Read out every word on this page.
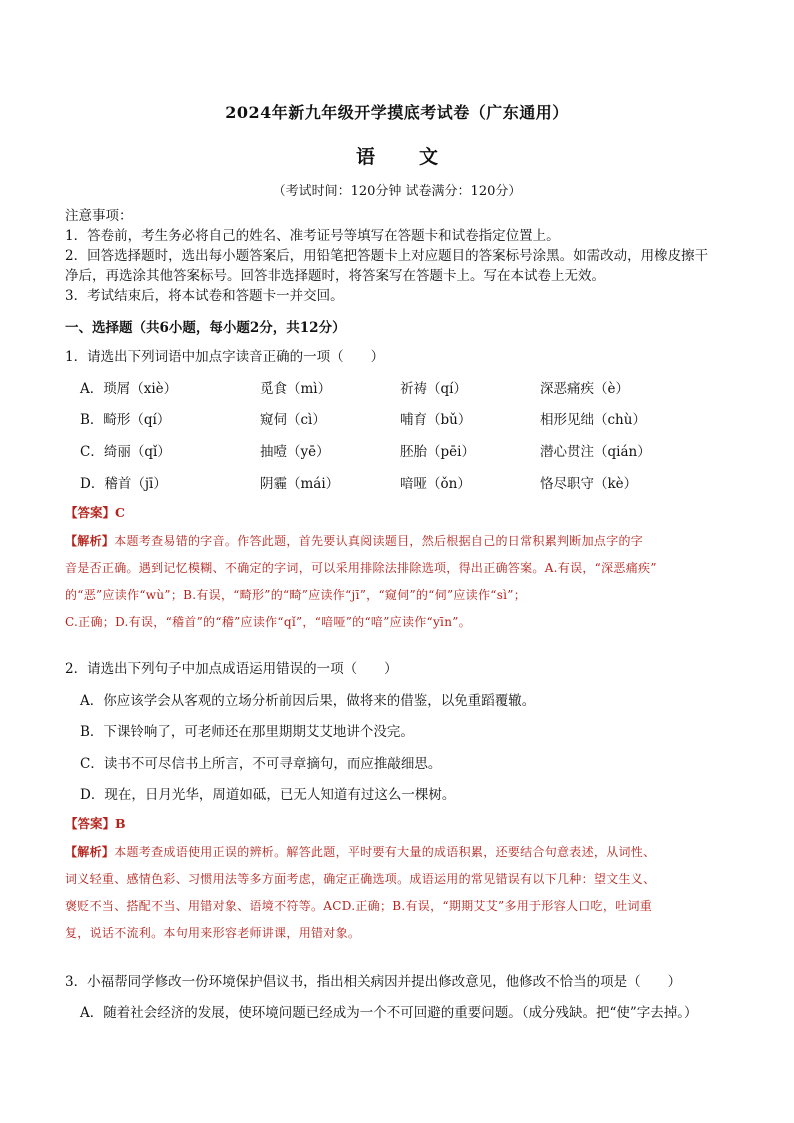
2024年新九年级开学摸底考试卷（广东通用）
语 文
（考试时间：120分钟 试卷满分：120分）

注意事项：

1．答卷前，考生务必将自己的姓名、准考证号等填写在答题卡和试卷指定位置上。

2．回答选择题时，选出每小题答案后，用铅笔把答题卡上对应题目的答案标号涂黑。如需改动，用橡皮擦干

净后，再选涂其他答案标号。回答非选择题时，将答案写在答题卡上。写在本试卷上无效。

3．考试结束后，将本试卷和答题卡一并交回。

一、选择题（共6小题，每小题2分，共12分）
1．请选出下列词语中加点字读音正确的一项（　　）
A．琐屑（xiè）	觅食（mì）	祈祷（qí）	深恶痛疾（è）
B．畸形（qí）	窥伺（cì）	哺育（bǔ）	相形见绌（chù）
C．绮丽（qǐ）	抽噎（yē）	胚胎（pēi）	潜心贯注（qián）
D．稽首（jī）	阴霾（mái）	喑哑（ǒn）	恪尽职守（kè）
【答案】C
【解析】本题考查易错的字音。作答此题，首先要认真阅读题目，然后根据自己的日常积累判断加点字的字
音是否正确。遇到记忆模糊、不确定的字词，可以采用排除法排除选项，得出正确答案。A.有误，“深恶痛疾”
的“恶”应读作“wù”；B.有误，“畸形”的“畸”应读作“jī”，“窥伺”的“伺”应读作“sì”；
C.正确；D.有误，“稽首”的“稽”应读作“qǐ”，“喑哑”的“喑”应读作“yīn”。
2．请选出下列句子中加点成语运用错误的一项（　　）
A．你应该学会从客观的立场分析前因后果，做将来的借鉴，以免重蹈覆辙。
B．下课铃响了，可老师还在那里期期艾艾地讲个没完。
C．读书不可尽信书上所言，不可寻章摘句，而应推敲细思。
D．现在，日月光华，周道如砥，已无人知道有过这么一棵树。
【答案】B
【解析】本题考查成语使用正误的辨析。解答此题，平时要有大量的成语积累，还要结合句意表述，从词性、
词义轻重、感情色彩、习惯用法等多方面考虑，确定正确选项。成语运用的常见错误有以下几种：望文生义、
褒贬不当、搭配不当、用错对象、语境不符等。ACD.正确；B.有误，“期期艾艾”多用于形容人口吃，吐词重
复，说话不流利。本句用来形容老师讲课，用错对象。
3．小福帮同学修改一份环境保护倡议书，指出相关病因并提出修改意见，他修改不恰当的项是（　　）
A．随着社会经济的发展，使环境问题已经成为一个不可回避的重要问题。（成分残缺。把“使”字去掉。）
